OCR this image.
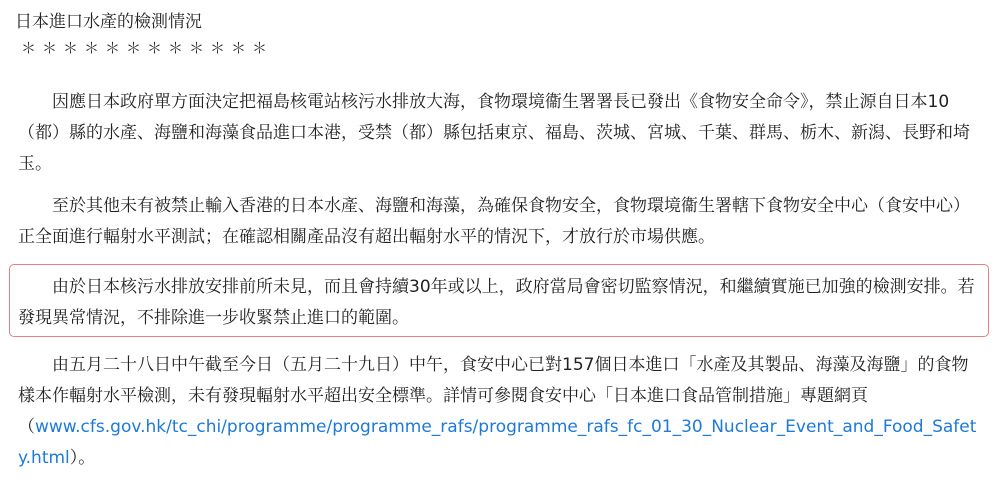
日本進口水產的檢測情況
＊＊＊＊＊＊＊＊＊＊＊＊

因應日本政府單方面決定把福島核電站核污水排放大海，食物環境衞生署署長已發出《食物安全命令》，禁止源自日本10（都）縣的水產、海鹽和海藻食品進口本港，受禁（都）縣包括東京、福島、茨城、宮城、千葉、群馬、栃木、新潟、長野和埼玉。

至於其他未有被禁止輸入香港的日本水產、海鹽和海藻，為確保食物安全，食物環境衞生署轄下食物安全中心（食安中心）正全面進行輻射水平測試；在確認相關產品沒有超出輻射水平的情況下，才放行於市場供應。

由於日本核污水排放安排前所未見，而且會持續30年或以上，政府當局會密切監察情況，和繼續實施已加強的檢測安排。若發現異常情況，不排除進一步收緊禁止進口的範圍。

由五月二十八日中午截至今日（五月二十九日）中午，食安中心已對157個日本進口「水產及其製品、海藻及海鹽」的食物樣本作輻射水平檢測，未有發現輻射水平超出安全標準。詳情可參閱食安中心「日本進口食品管制措施」專題網頁
（www.cfs.gov.hk/tc_chi/programme/programme_rafs/programme_rafs_fc_01_30_Nuclear_Event_and_Food_Safety.html）。
